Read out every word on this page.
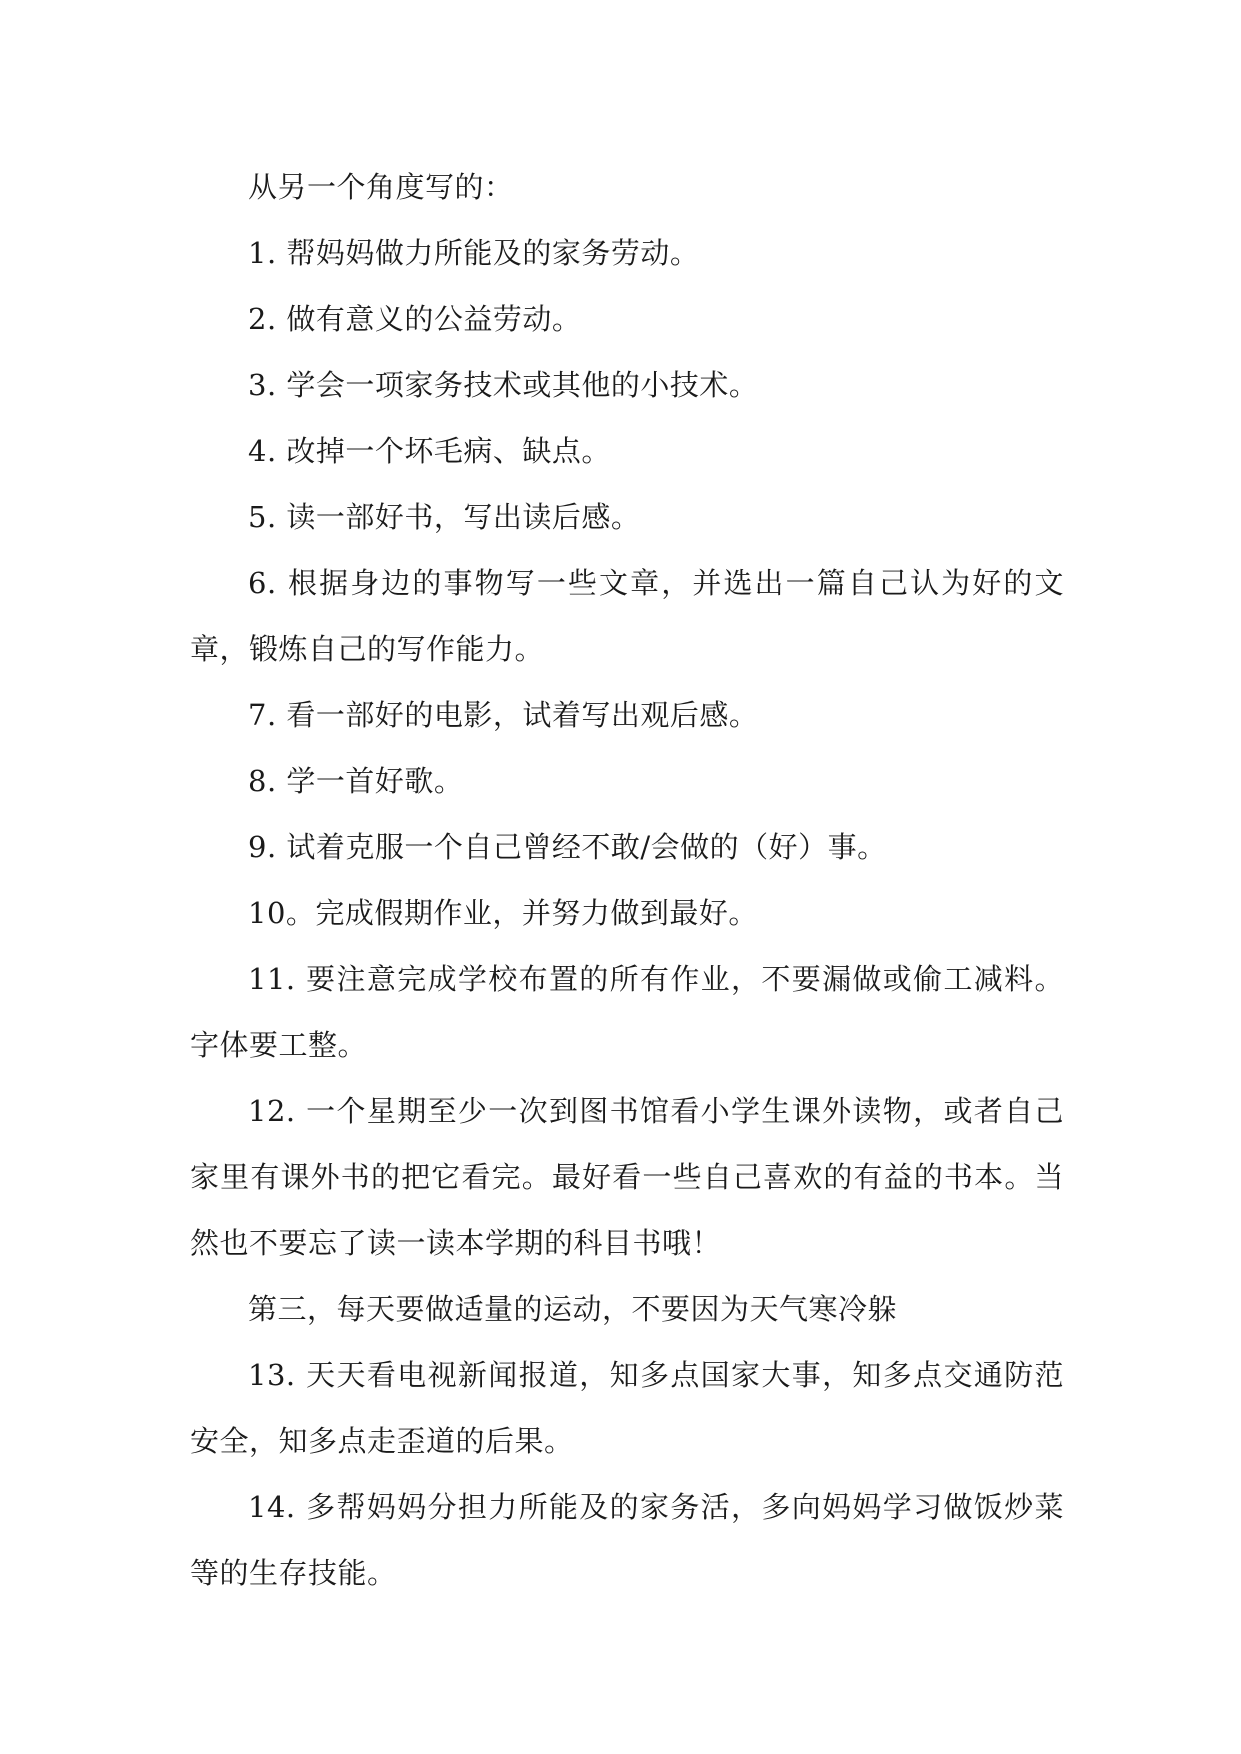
从另一个角度写的：

1. 帮妈妈做力所能及的家务劳动。

2. 做有意义的公益劳动。

3. 学会一项家务技术或其他的小技术。

4. 改掉一个坏毛病、缺点。

5. 读一部好书，写出读后感。

6. 根据身边的事物写一些文章，并选出一篇自己认为好的文章，锻炼自己的写作能力。

7. 看一部好的电影，试着写出观后感。

8. 学一首好歌。

9. 试着克服一个自己曾经不敢/会做的（好）事。

10。完成假期作业，并努力做到最好。

11. 要注意完成学校布置的所有作业，不要漏做或偷工减料。字体要工整。

12. 一个星期至少一次到图书馆看小学生课外读物，或者自己家里有课外书的把它看完。最好看一些自己喜欢的有益的书本。当然也不要忘了读一读本学期的科目书哦！

第三，每天要做适量的运动，不要因为天气寒冷躲

13. 天天看电视新闻报道，知多点国家大事，知多点交通防范安全，知多点走歪道的后果。

14. 多帮妈妈分担力所能及的家务活，多向妈妈学习做饭炒菜等的生存技能。
